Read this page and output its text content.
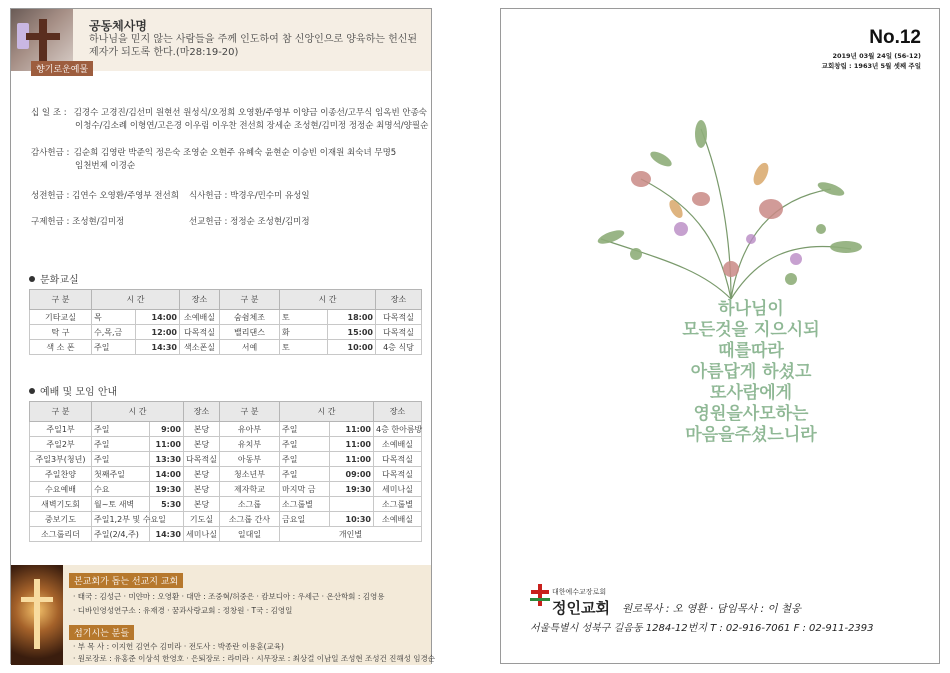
향기로운예물
공동체사명
하나님을 믿지 않는 사람들을 주께 인도하여 참 신앙인으로 양육하는 헌신된 제자가 되도록 한다.(마28:19-20)
십 일 조 : 김경수 고경진/김선미 원현선 원성식/오정희 오영환/주영부 이양금 이종선/고무식 임옥빈 안종숙
이청수/김소례 이형연/고은경 이우림 이우찬 전선희 장세순 조성현/김미정 정정순 최명석/양필순
감사헌금 : 김순희 김영란 박준익 정은숙 조영순 오현주 유혜숙 윤현순 이승빈 이재원 최숙녀 무명5
임천번제 이경순
성전헌금 : 김연수 오영환/주영부 전선희 식사헌금 : 박경우/민수미 유성일
구제헌금 : 조성현/김미정	선교헌금 : 정정순 조성현/김미정
문화교실
구 분	시 간		장소	구 분	시 간		장소
기타교실	목	14:00	소예배실	숨쉼체조	토	18:00	다목적실
탁 구	수,목,금	12:00	다목적실	밸리댄스	화	15:00	다목적실
색 소 폰	주일	14:30	색소폰실	서예	토	10:00	4층 식당
예배 및 모임 안내
구 분	시 간		장소	구 분	시 간		장소
주일1부	주일	9:00	본당	유아부	주일	11:00	4층 한아름방
주일2부	주일	11:00	본당	유치부	주일	11:00	소예배실
주일3부(청년)	주일	13:30	다목적실	아동부	주일	11:00	다목적실
주일찬양	첫째주일	14:00	본당	청소년부	주일	09:00	다목적실
수요예배	수요	19:30	본당	제자학교	마지막 금	19:30	세미나실
새벽기도회	월~토 새벽	5:30	본당	소그룹	소그룹별		소그룹별
중보기도	주일1,2부 및 수요일		기도실	소그룹 간사	금요일	10:30	소예배실
소그룹리더	주일(2/4,주)	14:30	세미나실	일대일	개인별		
본교회가 돕는 선교지 교회
· 태국 : 김성근 · 미얀마 : 오영환 · 대만 : 조중혁/허중은 · 캄보디아 : 우세근 · 온산학회 : 김영용
· 디바인영성연구소 : 유재경 · 꿈과사랑교회 : 정창원 · T국 : 김영일
섬기시는 분들
· 부 목 사 : 이지헌 김연수 김미라 · 전도사 : 박종란 이용훈(교육)
· 원로장로 : 유홍준 이상석 한영호 · 은퇴장로 : 라미라 · 시무장로 : 최상걸 이남일 조성현 조성건 진해성 임경순
No.12
2019년 03월 24일 (56-12)
교회창립 : 1963년 5월 셋째 주일
하나님이
모든것을 지으시되
때를따라
아름답게 하셨고
또사람에게
영원을사모하는
마음을주셨느니라
대한예수교장로회
정인교회 원로목사 : 오 영환 · 담임목사 : 이 철웅
서울특별시 성북구 길음동 1284-12번지 T : 02-916-7061 F : 02-911-2393
